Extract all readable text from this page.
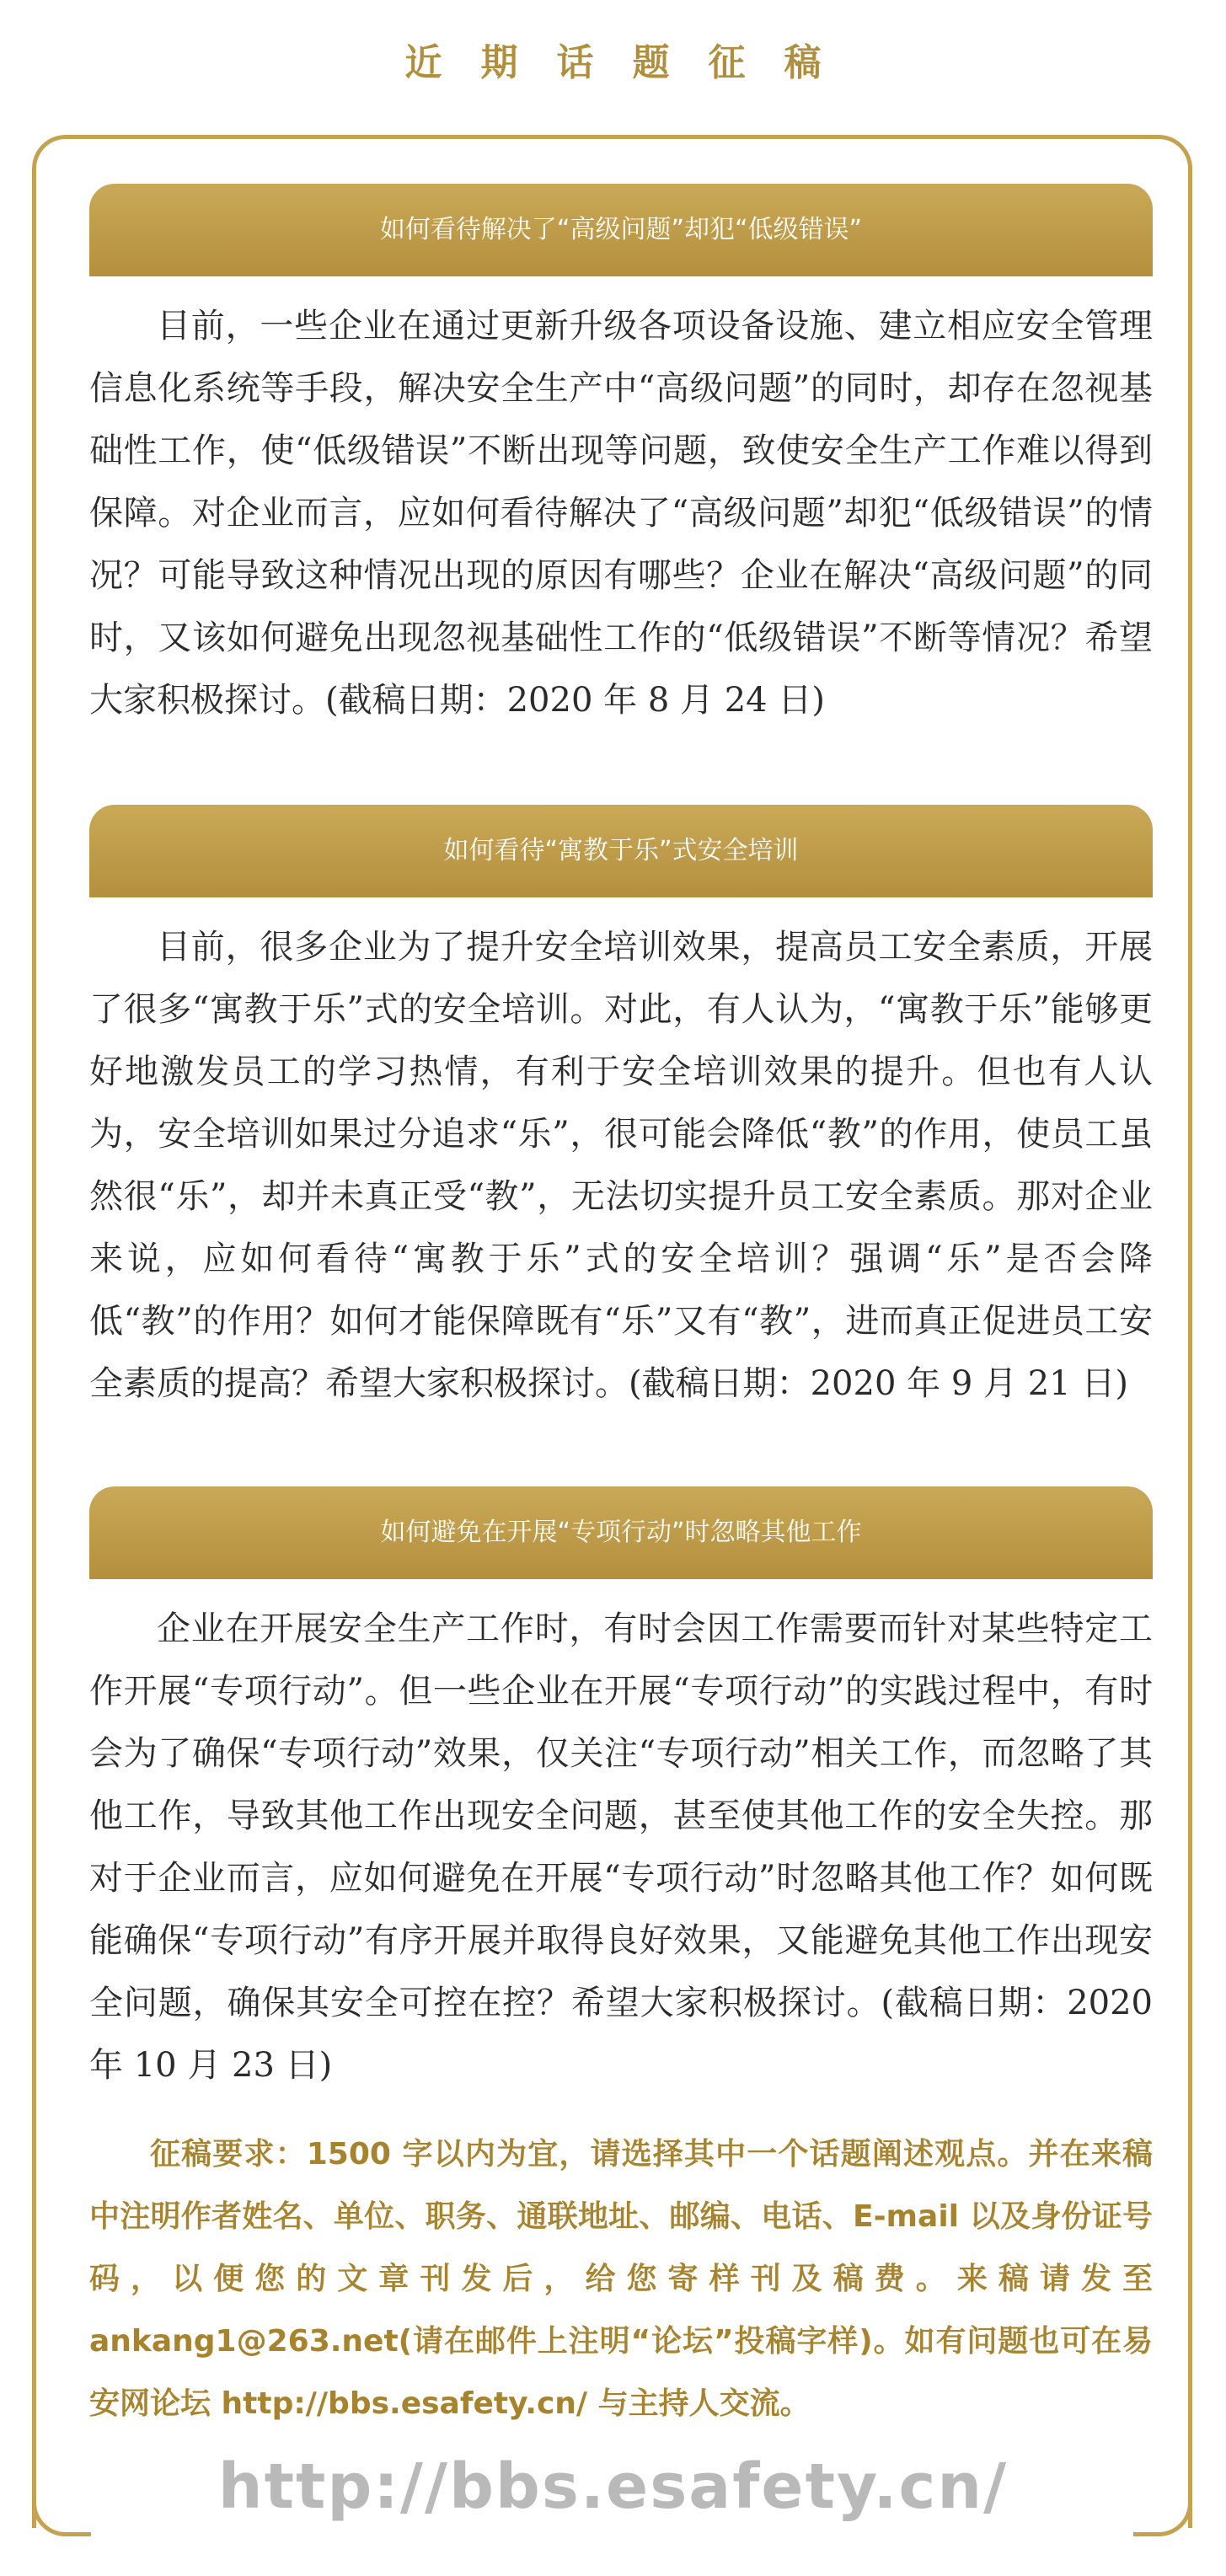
近期话题征稿
如何看待解决了“高级问题”却犯“低级错误”

目前，一些企业在通过更新升级各项设备设施、建立相应安全管理信息化系统等手段，解决安全生产中“高级问题”的同时，却存在忽视基础性工作，使“低级错误”不断出现等问题，致使安全生产工作难以得到保障。对企业而言，应如何看待解决了“高级问题”却犯“低级错误”的情况？可能导致这种情况出现的原因有哪些？企业在解决“高级问题”的同时，又该如何避免出现忽视基础性工作的“低级错误”不断等情况？希望大家积极探讨。(截稿日期：2020 年 8 月 24 日)

如何看待“寓教于乐”式安全培训

目前，很多企业为了提升安全培训效果，提高员工安全素质，开展了很多“寓教于乐”式的安全培训。对此，有人认为，“寓教于乐”能够更好地激发员工的学习热情，有利于安全培训效果的提升。但也有人认为，安全培训如果过分追求“乐”，很可能会降低“教”的作用，使员工虽然很“乐”，却并未真正受“教”，无法切实提升员工安全素质。那对企业来说，应如何看待“寓教于乐”式的安全培训？强调“乐”是否会降低“教”的作用？如何才能保障既有“乐”又有“教”，进而真正促进员工安全素质的提高？希望大家积极探讨。(截稿日期：2020 年 9 月 21 日)

如何避免在开展“专项行动”时忽略其他工作

企业在开展安全生产工作时，有时会因工作需要而针对某些特定工作开展“专项行动”。但一些企业在开展“专项行动”的实践过程中，有时会为了确保“专项行动”效果，仅关注“专项行动”相关工作，而忽略了其他工作，导致其他工作出现安全问题，甚至使其他工作的安全失控。那对于企业而言，应如何避免在开展“专项行动”时忽略其他工作？如何既能确保“专项行动”有序开展并取得良好效果，又能避免其他工作出现安全问题，确保其安全可控在控？希望大家积极探讨。(截稿日期：2020 年 10 月 23 日)

征稿要求：1500 字以内为宜，请选择其中一个话题阐述观点。并在来稿中注明作者姓名、单位、职务、通联地址、邮编、电话、E-mail 以及身份证号码，以便您的文章刊发后，给您寄样刊及稿费。来稿请发至 ankang1@263.net(请在邮件上注明“论坛”投稿字样)。如有问题也可在易安网论坛 http://bbs.esafety.cn/ 与主持人交流。

http://bbs.esafety.cn/
